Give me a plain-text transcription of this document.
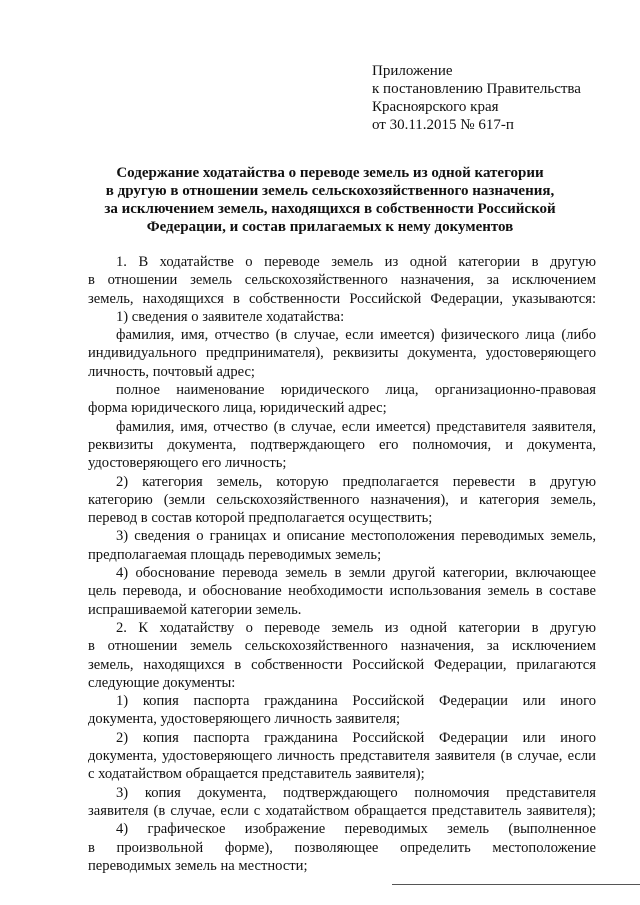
Приложение
к постановлению Правительства
Красноярского края
от 30.11.2015 № 617-п
Содержание ходатайства о переводе земель из одной категории
в другую в отношении земель сельскохозяйственного назначения,
за исключением земель, находящихся в собственности Российской
Федерации, и состав прилагаемых к нему документов
1. В ходатайстве о переводе земель из одной категории в другую
в отношении земель сельскохозяйственного назначения, за исключением
земель, находящихся в собственности Российской Федерации, указываются:
1) сведения о заявителе ходатайства:
фамилия, имя, отчество (в случае, если имеется) физического лица (либо
индивидуального предпринимателя), реквизиты документа, удостоверяющего
личность, почтовый адрес;
полное наименование юридического лица, организационно-правовая
форма юридического лица, юридический адрес;
фамилия, имя, отчество (в случае, если имеется) представителя заявителя,
реквизиты документа, подтверждающего его полномочия, и документа,
удостоверяющего его личность;
2) категория земель, которую предполагается перевести в другую
категорию (земли сельскохозяйственного назначения), и категория земель,
перевод в состав которой предполагается осуществить;
3) сведения о границах и описание местоположения переводимых земель,
предполагаемая площадь переводимых земель;
4) обоснование перевода земель в земли другой категории, включающее
цель перевода, и обоснование необходимости использования земель в составе
испрашиваемой категории земель.
2. К ходатайству о переводе земель из одной категории в другую
в отношении земель сельскохозяйственного назначения, за исключением
земель, находящихся в собственности Российской Федерации, прилагаются
следующие документы:
1) копия паспорта гражданина Российской Федерации или иного
документа, удостоверяющего личность заявителя;
2) копия паспорта гражданина Российской Федерации или иного
документа, удостоверяющего личность представителя заявителя (в случае, если
с ходатайством обращается представитель заявителя);
3) копия документа, подтверждающего полномочия представителя
заявителя (в случае, если с ходатайством обращается представитель заявителя);
4) графическое изображение переводимых земель (выполненное
в произвольной форме), позволяющее определить местоположение
переводимых земель на местности;
